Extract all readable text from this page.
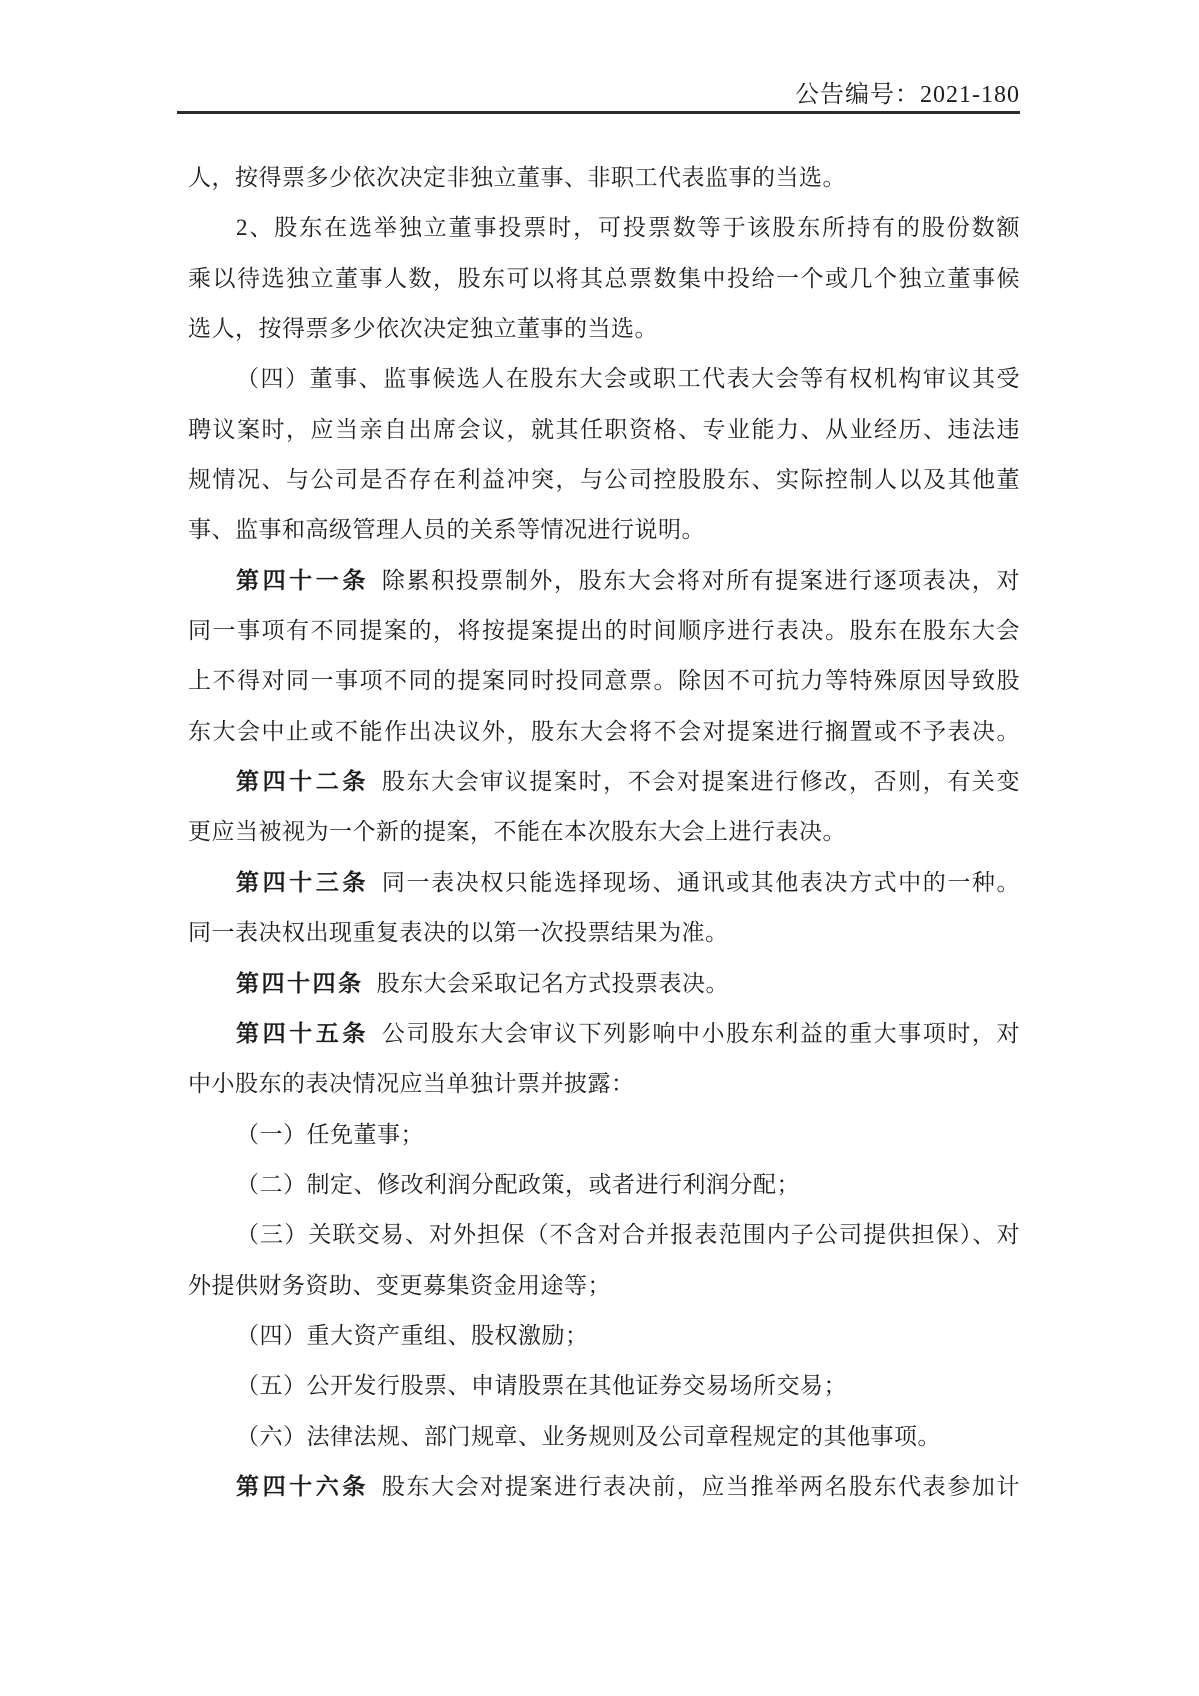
公告编号：2021-180
人，按得票多少依次决定非独立董事、非职工代表监事的当选。
2、股东在选举独立董事投票时，可投票数等于该股东所持有的股份数额
乘以待选独立董事人数，股东可以将其总票数集中投给一个或几个独立董事候
选人，按得票多少依次决定独立董事的当选。
（四）董事、监事候选人在股东大会或职工代表大会等有权机构审议其受
聘议案时，应当亲自出席会议，就其任职资格、专业能力、从业经历、违法违
规情况、与公司是否存在利益冲突，与公司控股股东、实际控制人以及其他董
事、监事和高级管理人员的关系等情况进行说明。
第四十一条 除累积投票制外，股东大会将对所有提案进行逐项表决，对
同一事项有不同提案的，将按提案提出的时间顺序进行表决。股东在股东大会
上不得对同一事项不同的提案同时投同意票。除因不可抗力等特殊原因导致股
东大会中止或不能作出决议外，股东大会将不会对提案进行搁置或不予表决。
第四十二条 股东大会审议提案时，不会对提案进行修改，否则，有关变
更应当被视为一个新的提案，不能在本次股东大会上进行表决。
第四十三条 同一表决权只能选择现场、通讯或其他表决方式中的一种。
同一表决权出现重复表决的以第一次投票结果为准。
第四十四条 股东大会采取记名方式投票表决。
第四十五条 公司股东大会审议下列影响中小股东利益的重大事项时，对
中小股东的表决情况应当单独计票并披露：
（一）任免董事；
（二）制定、修改利润分配政策，或者进行利润分配；
（三）关联交易、对外担保（不含对合并报表范围内子公司提供担保）、对
外提供财务资助、变更募集资金用途等；
（四）重大资产重组、股权激励；
（五）公开发行股票、申请股票在其他证券交易场所交易；
（六）法律法规、部门规章、业务规则及公司章程规定的其他事项。
第四十六条 股东大会对提案进行表决前，应当推举两名股东代表参加计
